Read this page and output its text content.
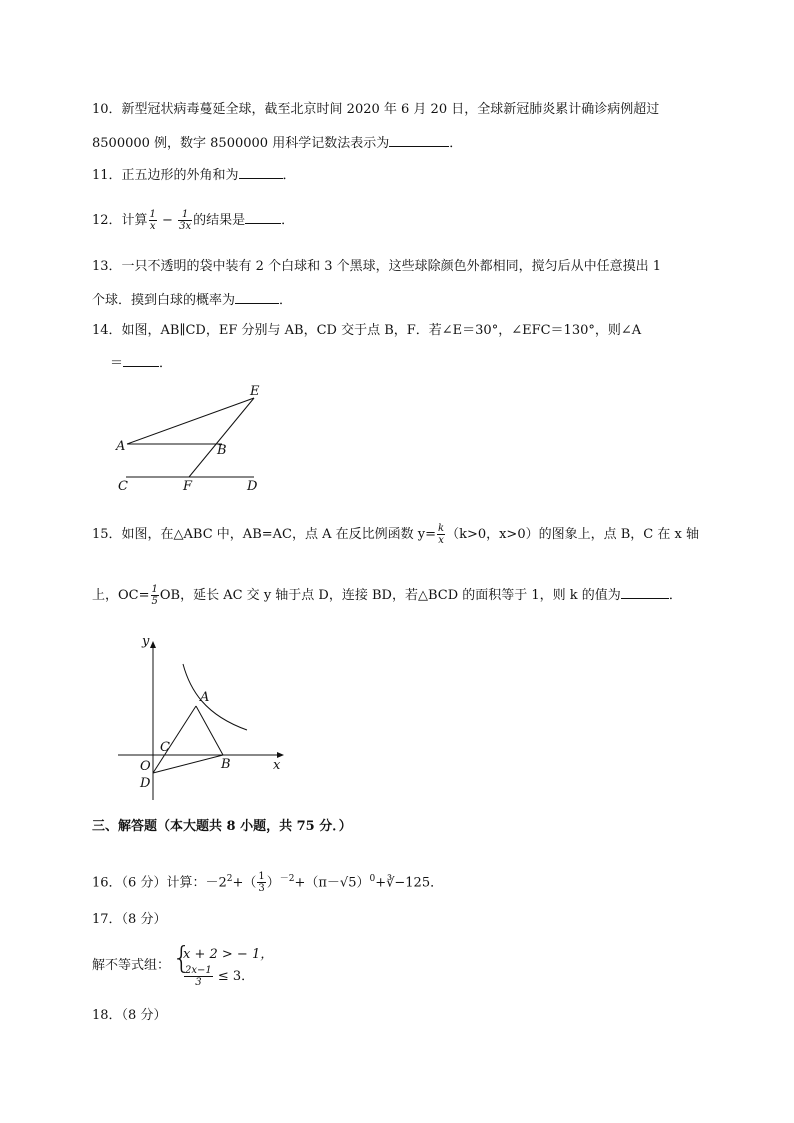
10．新型冠状病毒蔓延全球，截至北京时间 2020 年 6 月 20 日，全球新冠肺炎累计确诊病例超过
8500000 例，数字 8500000 用科学记数法表示为	．
11．正五边形的外角和为	．
12．计算 $\frac{1}{x} - \frac{1}{3x}$ 的结果是	．
13．一只不透明的袋中装有 2 个白球和 3 个黑球，这些球除颜色外都相同，搅匀后从中任意摸出 1
个球．摸到白球的概率为	．
14．如图，AB∥CD，EF 分别与 AB，CD 交于点 B，F．若∠E＝30°，∠EFC＝130°，则∠A
＝	．
E
A	B
C	F	D
15．如图，在△ABC 中，AB=AC，点 A 在反比例函数 $y= \frac{k}{x} (k>0$，x>0）的图象上，点 B，C 在 x 轴
上，$OC= \frac{1}{5}$ OB，延长 AC 交 y 轴于点 D，连接 BD，若△BCD 的面积等于 1，则 k 的值为	．
y
x
A
C
B
O
D
三、解答题（本大题共 8 小题，共 75 分．）
16．（6 分）计算：$-2^2+( \frac{1}{3}$ ）$^{-2}+(\pi-√5)^0+∛-125$．
17．（8 分）
解不等式组： {
x + 2 > − 1，
$\frac{2x-1}{3} \le 3$．
18．（8 分）
